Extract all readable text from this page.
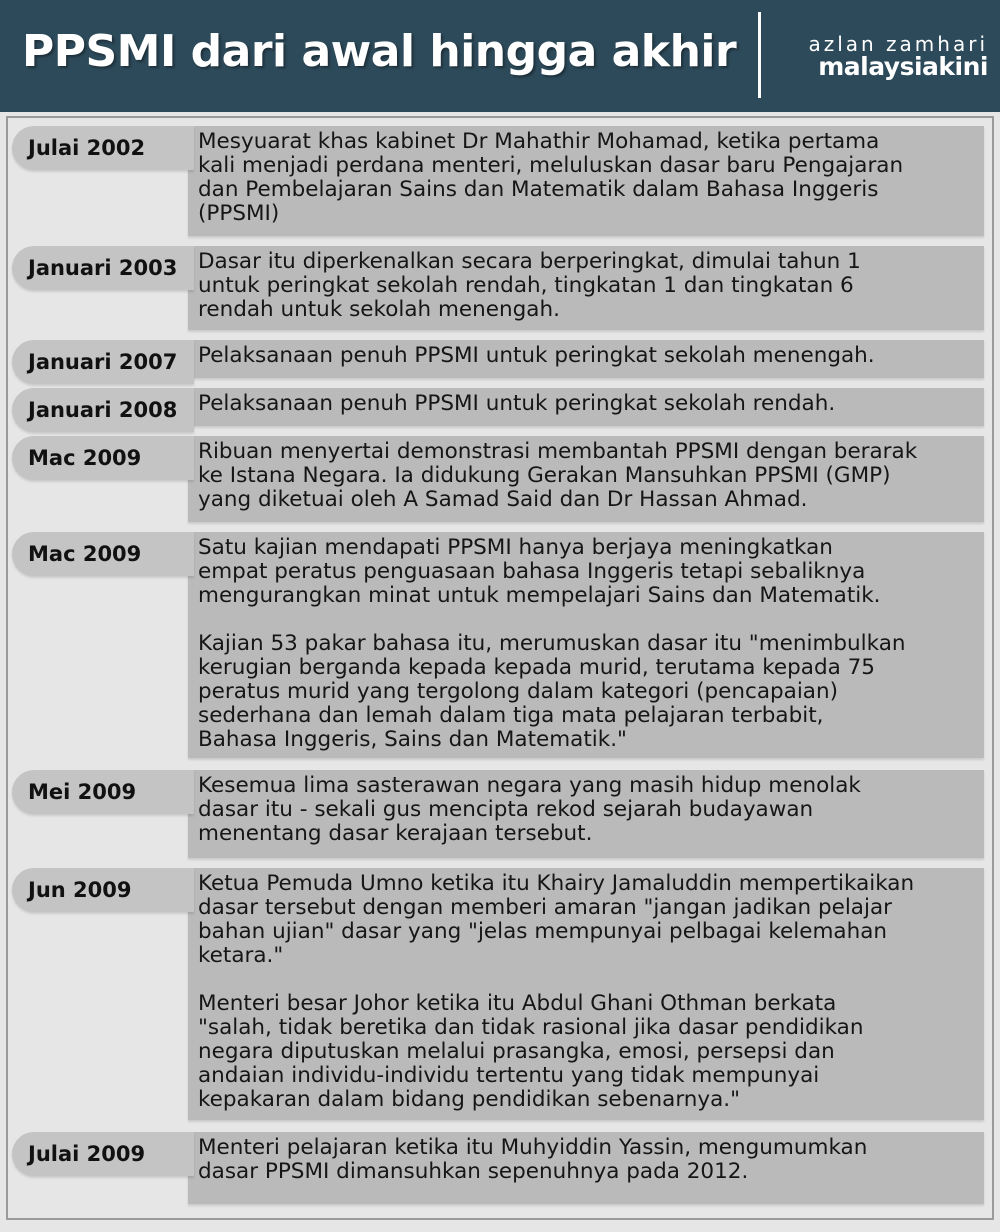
PPSMI dari awal hingga akhir	azlan zamhari
malaysiakini

Mesyuarat khas kabinet Dr Mahathir Mohamad, ketika pertama
kali menjadi perdana menteri, meluluskan dasar baru Pengajaran
dan Pembelajaran Sains dan Matematik dalam Bahasa Inggeris
(PPSMI)

Julai 2002

Dasar itu diperkenalkan secara berperingkat, dimulai tahun 1
untuk peringkat sekolah rendah, tingkatan 1 dan tingkatan 6
rendah untuk sekolah menengah.

Januari 2003

Pelaksanaan penuh PPSMI untuk peringkat sekolah menengah.

Januari 2007

Pelaksanaan penuh PPSMI untuk peringkat sekolah rendah.

Januari 2008

Ribuan menyertai demonstrasi membantah PPSMI dengan berarak
ke Istana Negara. Ia didukung Gerakan Mansuhkan PPSMI (GMP)
yang diketuai oleh A Samad Said dan Dr Hassan Ahmad.

Mac 2009

Satu kajian mendapati PPSMI hanya berjaya meningkatkan
empat peratus penguasaan bahasa Inggeris tetapi sebaliknya
mengurangkan minat untuk mempelajari Sains dan Matematik.

Kajian 53 pakar bahasa itu, merumuskan dasar itu "menimbulkan
kerugian berganda kepada kepada murid, terutama kepada 75
peratus murid yang tergolong dalam kategori (pencapaian)
sederhana dan lemah dalam tiga mata pelajaran terbabit,
Bahasa Inggeris, Sains dan Matematik."

Mac 2009

Kesemua lima sasterawan negara yang masih hidup menolak
dasar itu - sekali gus mencipta rekod sejarah budayawan
menentang dasar kerajaan tersebut.

Mei 2009

Ketua Pemuda Umno ketika itu Khairy Jamaluddin mempertikaikan
dasar tersebut dengan memberi amaran "jangan jadikan pelajar
bahan ujian" dasar yang "jelas mempunyai pelbagai kelemahan
ketara."

Menteri besar Johor ketika itu Abdul Ghani Othman berkata
"salah, tidak beretika dan tidak rasional jika dasar pendidikan
negara diputuskan melalui prasangka, emosi, persepsi dan
andaian individu-individu tertentu yang tidak mempunyai
kepakaran dalam bidang pendidikan sebenarnya."

Jun 2009

Menteri pelajaran ketika itu Muhyiddin Yassin, mengumumkan
dasar PPSMI dimansuhkan sepenuhnya pada 2012.

Julai 2009
